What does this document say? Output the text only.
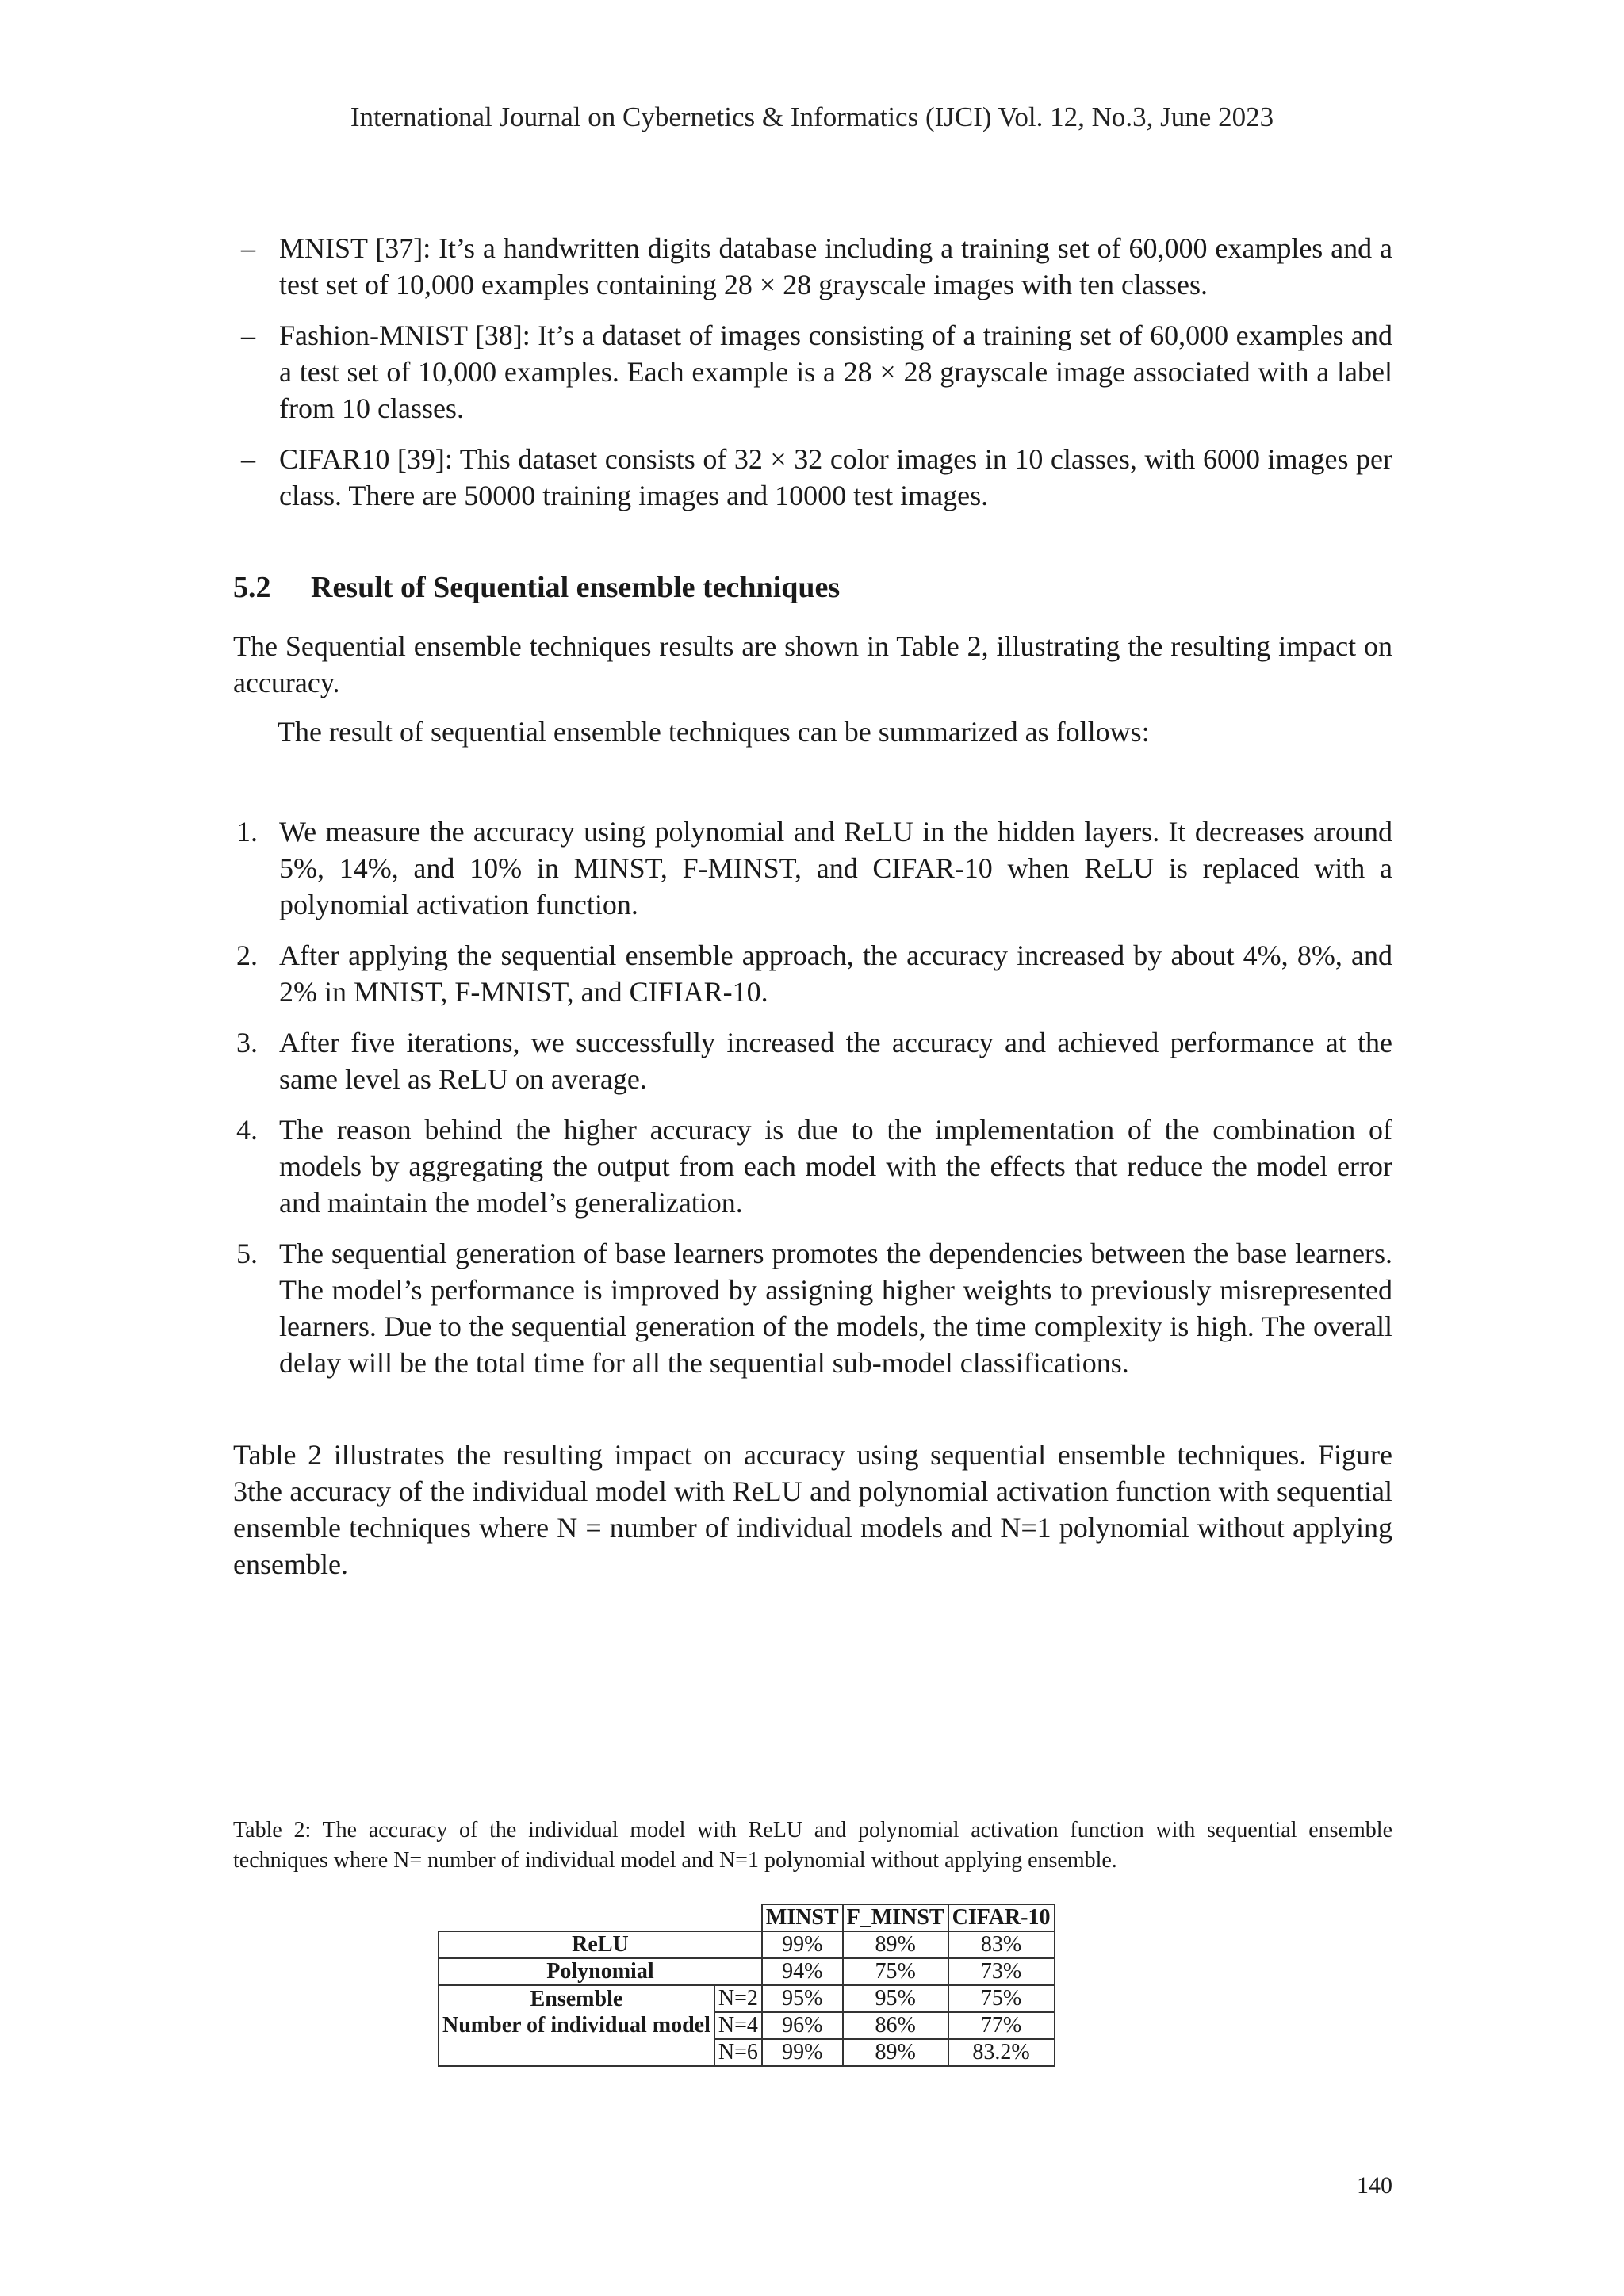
International Journal on Cybernetics & Informatics (IJCI) Vol. 12, No.3, June 2023
– MNIST [37]: It’s a handwritten digits database including a training set of 60,000 examples and a test set of 10,000 examples containing 28 × 28 grayscale images with ten classes.
– Fashion-MNIST [38]: It’s a dataset of images consisting of a training set of 60,000 examples and a test set of 10,000 examples. Each example is a 28 × 28 grayscale image associated with a label from 10 classes.
– CIFAR10 [39]: This dataset consists of 32 × 32 color images in 10 classes, with 6000 images per class. There are 50000 training images and 10000 test images.
5.2 Result of Sequential ensemble techniques

The Sequential ensemble techniques results are shown in Table 2, illustrating the resulting impact on accuracy.

The result of sequential ensemble techniques can be summarized as follows:

1. We measure the accuracy using polynomial and ReLU in the hidden layers. It decreases around 5%, 14%, and 10% in MINST, F-MINST, and CIFAR-10 when ReLU is replaced with a polynomial activation function.
2. After applying the sequential ensemble approach, the accuracy increased by about 4%, 8%, and 2% in MNIST, F-MNIST, and CIFIAR-10.
3. After five iterations, we successfully increased the accuracy and achieved performance at the same level as ReLU on average.
4. The reason behind the higher accuracy is due to the implementation of the combination of models by aggregating the output from each model with the effects that reduce the model error and maintain the model’s generalization.
5. The sequential generation of base learners promotes the dependencies between the base learners. The model’s performance is improved by assigning higher weights to previously misrepresented learners. Due to the sequential generation of the models, the time complexity is high. The overall delay will be the total time for all the sequential sub-model classifications.

Table 2 illustrates the resulting impact on accuracy using sequential ensemble techniques. Figure 3the accuracy of the individual model with ReLU and polynomial activation function with sequential ensemble techniques where N = number of individual models and N=1 polynomial without applying ensemble.

Table 2: The accuracy of the individual model with ReLU and polynomial activation function with sequential ensemble techniques where N= number of individual model and N=1 polynomial without applying ensemble.
		MINST	F_MINST	CIFAR-10
ReLU		99%	89%	83%
Polynomial		94%	75%	73%
Ensemble	N=2	95%	95%	75%
Number of individual model	N=4	96%	86%	77%
	N=6	99%	89%	83.2%
140
